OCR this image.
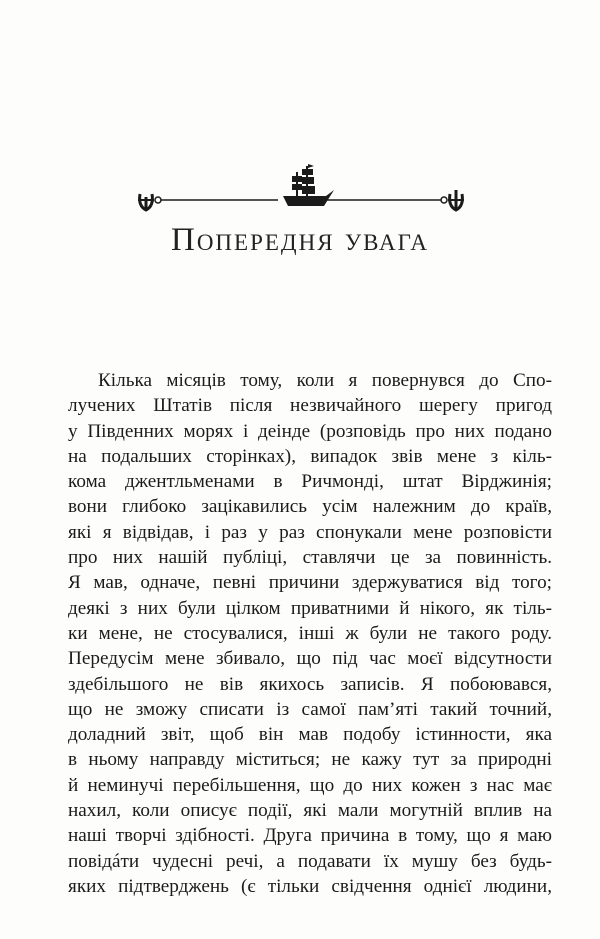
Попередня увага
Кілька місяців тому, коли я повернувся до Спо-
лучених Штатів після незвичайного шерегу пригод
у Південних морях і деінде (розповідь про них подано
на подальших сторінках), випадок звів мене з кіль-
кома джентльменами в Ричмонді, штат Вірджинія;
вони глибоко зацікавились усім належним до країв,
які я відвідав, і раз у раз спонукали мене розповісти
про них нашій публіці, ставлячи це за повинність.
Я мав, одначе, певні причини здержуватися від того;
деякі з них були цілком приватними й нікого, як тіль-
ки мене, не стосувалися, інші ж були не такого роду.
Передусім мене збивало, що під час моєї відсутности
здебільшого не вів якихось записів. Я побоювався,
що не зможу списати із самої пам’яті такий точний,
доладний звіт, щоб він мав подобу істинности, яка
в ньому направду міститься; не кажу тут за природні
й неминучі перебільшення, що до них кожен з нас має
нахил, коли описує події, які мали могутній вплив на
наші творчі здібності. Друга причина в тому, що я маю
повідáти чудесні речі, а подавати їх мушу без будь-
яких підтверджень (є тільки свідчення однієї людини,
